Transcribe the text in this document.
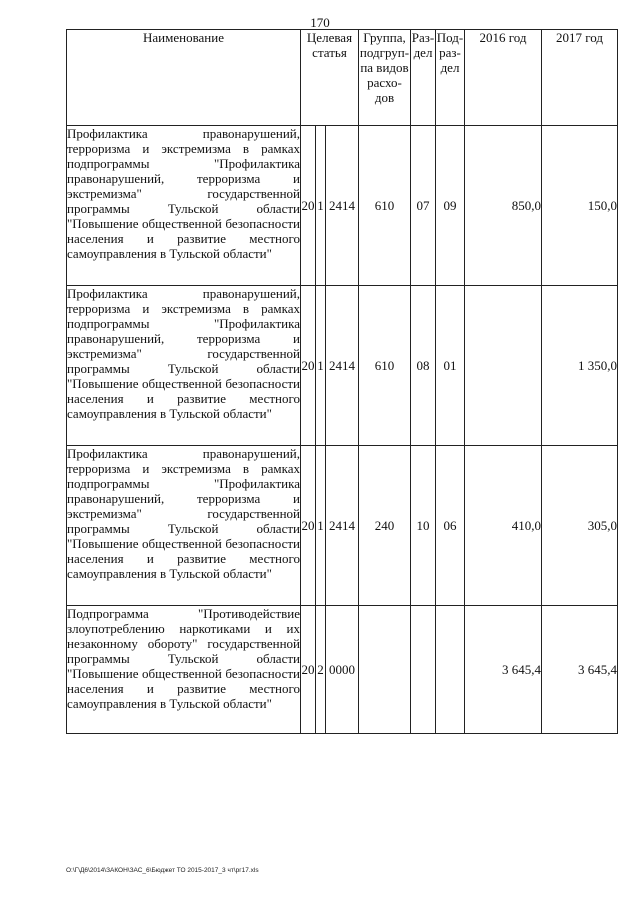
170
Наименование	Целевая статья			Группа, подгруп-па видов расхо-дов	Раз-дел	Под-раз-дел	2016 год	2017 год
Профилактика правонарушений, терроризма и экстремизма в рамках подпрограммы "Профилактика правонарушений, терроризма и экстремизма" государственной программы Тульской области "Повышение общественной безопасности населения и развитие местного самоуправления в Тульской области"	20	1	2414	610	07	09	850,0	150,0
Профилактика правонарушений, терроризма и экстремизма в рамках подпрограммы "Профилактика правонарушений, терроризма и экстремизма" государственной программы Тульской области "Повышение общественной безопасности населения и развитие местного самоуправления в Тульской области"	20	1	2414	610	08	01		1 350,0
Профилактика правонарушений, терроризма и экстремизма в рамках подпрограммы "Профилактика правонарушений, терроризма и экстремизма" государственной программы Тульской области "Повышение общественной безопасности населения и развитие местного самоуправления в Тульской области"	20	1	2414	240	10	06	410,0	305,0
Подпрограмма "Противодействие злоупотреблению наркотиками и их незаконному обороту" государственной программы Тульской области "Повышение общественной безопасности населения и развитие местного самоуправления в Тульской области"	20	2	0000				3 645,4	3 645,4
O:\Г\Д6\2014\ЗАКОН\ЗАС_6\Бюджет ТО 2015-2017_3 чт\рг17.xls
